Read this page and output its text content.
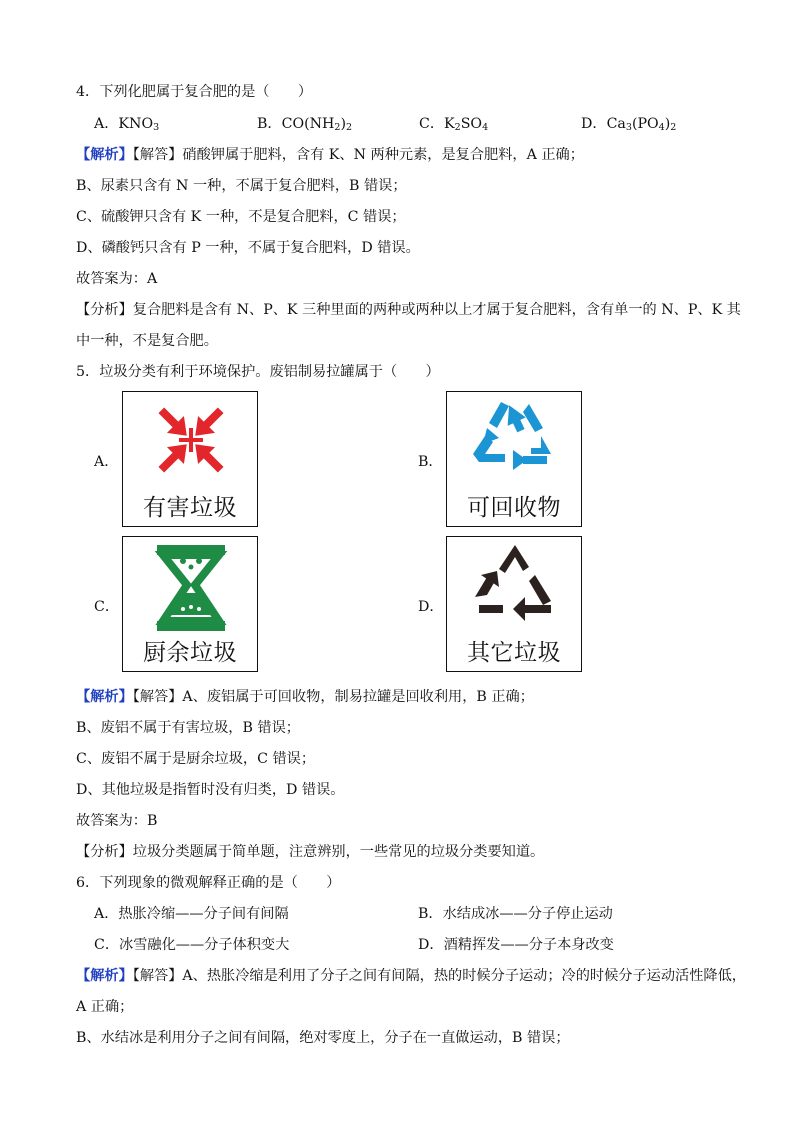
4．下列化肥属于复合肥的是（　　）
A．$KNO_3$	B．$CO(NH_2)_2$	C．$K_2SO_4$	D．$Ca_3(PO_4)_2$
【解析】【解答】硝酸钾属于肥料，含有 K、N 两种元素，是复合肥料，A 正确；
B、尿素只含有 N 一种，不属于复合肥料，B 错误；
C、硫酸钾只含有 K 一种，不是复合肥料，C 错误；
D、磷酸钙只含有 P 一种，不属于复合肥料，D 错误。
故答案为：A
【分析】复合肥料是含有 N、P、K 三种里面的两种或两种以上才属于复合肥料，含有单一的 N、P、K 其
中一种，不是复合肥。
5．垃圾分类有利于环境保护。废铝制易拉罐属于（　　）
A．
有害垃圾
B．
可回收物
C．
厨余垃圾
D．
其它垃圾
【解析】【解答】A、废铝属于可回收物，制易拉罐是回收利用，B 正确；
B、废铝不属于有害垃圾，B 错误；
C、废铝不属于是厨余垃圾，C 错误；
D、其他垃圾是指暂时没有归类，D 错误。
故答案为：B
【分析】垃圾分类题属于简单题，注意辨别，一些常见的垃圾分类要知道。
6．下列现象的微观解释正确的是（　　）
A．热胀冷缩——分子间有间隔	B．水结成冰——分子停止运动
C．冰雪融化——分子体积变大	D．酒精挥发——分子本身改变
【解析】【解答】A、热胀冷缩是利用了分子之间有间隔，热的时候分子运动；冷的时候分子运动活性降低，
A 正确；
B、水结冰是利用分子之间有间隔，绝对零度上，分子在一直做运动，B 错误；
